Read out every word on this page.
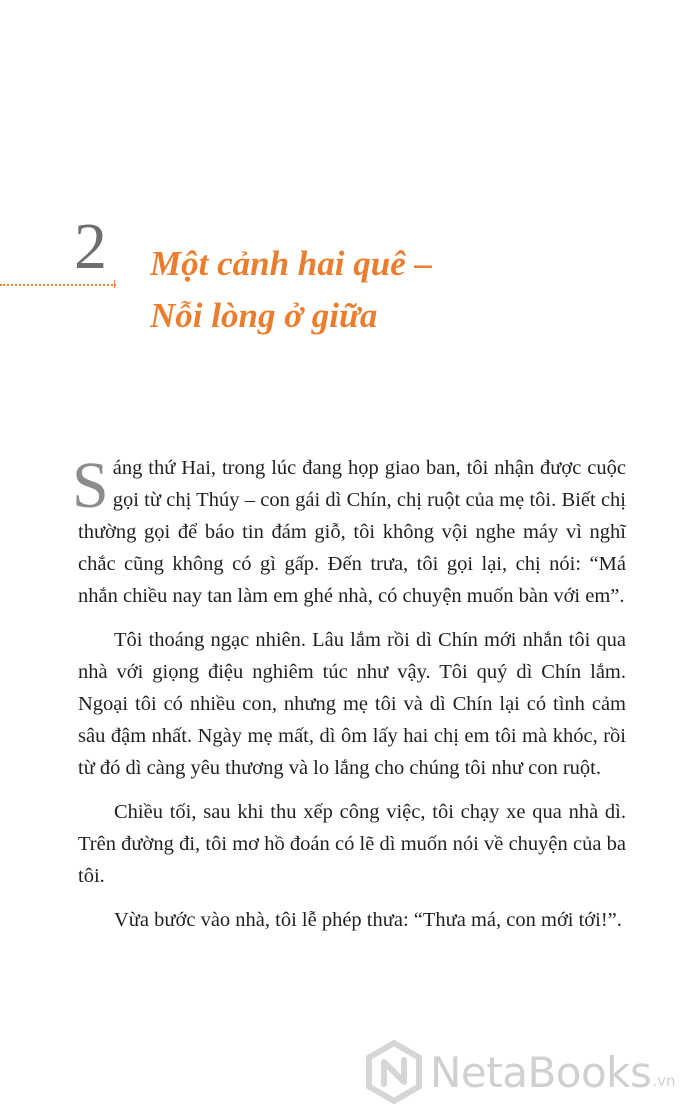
2 Một cảnh hai quê –
Nỗi lòng ở giữa

Sáng thứ Hai, trong lúc đang họp giao ban, tôi nhận được cuộc gọi từ chị Thúy – con gái dì Chín, chị ruột của mẹ tôi. Biết chị thường gọi để báo tin đám giỗ, tôi không vội nghe máy vì nghĩ chắc cũng không có gì gấp. Đến trưa, tôi gọi lại, chị nói: “Má nhắn chiều nay tan làm em ghé nhà, có chuyện muốn bàn với em”.

Tôi thoáng ngạc nhiên. Lâu lắm rồi dì Chín mới nhắn tôi qua nhà với giọng điệu nghiêm túc như vậy. Tôi quý dì Chín lắm. Ngoại tôi có nhiều con, nhưng mẹ tôi và dì Chín lại có tình cảm sâu đậm nhất. Ngày mẹ mất, dì ôm lấy hai chị em tôi mà khóc, rồi từ đó dì càng yêu thương và lo lắng cho chúng tôi như con ruột.

Chiều tối, sau khi thu xếp công việc, tôi chạy xe qua nhà dì. Trên đường đi, tôi mơ hồ đoán có lẽ dì muốn nói về chuyện của ba tôi.

Vừa bước vào nhà, tôi lễ phép thưa: “Thưa má, con mới tới!”.

NetaBooks .vn
